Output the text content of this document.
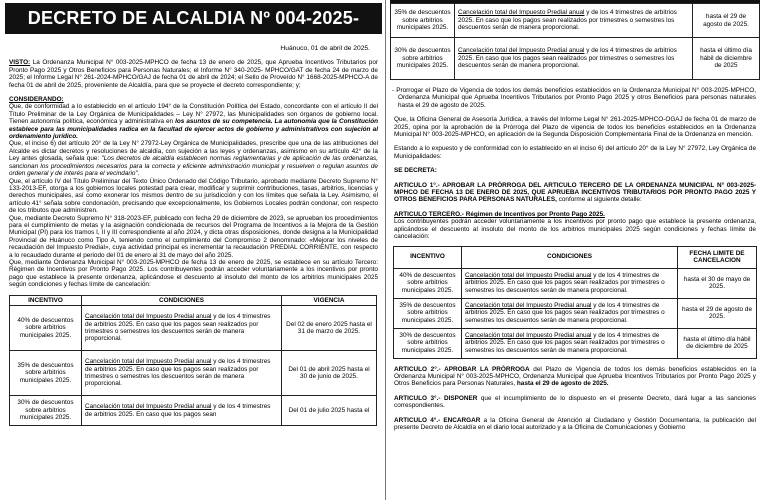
DECRETO DE ALCALDIA Nº 004-2025-MPHCO/A	Huánuco, 01 de abril de 2025.

VISTO: La Ordenanza Municipal N° 003-2025-MPHCO de fecha 13 de enero de 2025, que Aprueba Incentivos Tributarios por Pronto Pago 2025 y Otros Beneficios para Personas Naturales; el Informe N° 340-2025- MPHCO/GAT de fecha 24 de marzo de 2025; el Informe Legal N° 261-2024-MPHCO/GAJ de fecha 01 de abril de 2024; el Sello de Proveído N° 1668-2025-MPHCO-A de fecha 01 de abril de 2025, proveniente de Alcaldía, para que se proyecte el decreto correspondiente; y;

CONSIDERANDO:

Que, de conformidad a lo establecido en el artículo 194° de la Constitución Política del Estado, concordante con el artículo II del Título Preliminar de la Ley Orgánica de Municipalidades – Ley N° 27972, las Municipalidades son órganos de gobierno local. Tienen autonomía política, económica y administrativa en los asuntos de su competencia. La autonomía que la Constitución establece para las municipalidades radica en la facultad de ejercer actos de gobierno y administrativos con sujeción al ordenamiento jurídico.

Que, el inciso 6) del artículo 20° de la Ley N° 27972-Ley Orgánica de Municipalidades, prescribe que una de las atribuciones del Alcalde es dictar decretos y resoluciones de alcaldía, con sujeción a las leyes y ordenanzas, asimismo en su artículo 42° de la Ley antes glosada, señala que: "Los decretos de alcaldía establecen normas reglamentarias y de aplicación de las ordenanzas, sancionan los procedimientos necesarios para la correcta y eficiente administración municipal y resuelven o regulan asuntos de orden general y de interés para el vecindario".

Que, el artículo IV del Título Preliminar del Texto Único Ordenado del Código Tributario, aprobado mediante Decreto Supremo N° 133-2013-EF, otorga a los gobiernos locales potestad para crear, modificar y suprimir contribuciones, tasas, arbitrios, licencias y derechos municipales, así como exonerar los mismos dentro de su jurisdicción y con los límites que señala la Ley. Asimismo, el artículo 41° señala sobre condonación, precisando que excepcionalmente, los Gobiernos Locales podrán condonar, con respecto de los tributos que administren.

Que, mediante Decreto Supremo N° 318-2023-EF, publicado con fecha 29 de diciembre de 2023, se aprueban los procedimientos para el cumplimiento de metas y la asignación condicionada de recursos del Programa de Incentivos a la Mejora de la Gestión Municipal (PI) para los tramos I, II y III correspondiente al año 2024, y dicta otras disposiciones, donde designa a la Municipalidad Provincial de Huánuco como Tipo A, teniendo como el cumplimiento del Compromiso 2 denominado: «Mejorar los niveles de recaudación del Impuesto Predial», cuya actividad principal es incrementar la recaudación PREDIAL CORRIENTE, con respecto a lo recaudado durante el periodo del 01 de enero al 31 de mayo del año 2025.

Que, mediante Ordenanza Municipal N° 003-2025-MPHCO de fecha 13 de enero de 2025, se establece en su artículo Tercero: Régimen de Incentivos por Pronto Pago 2025. Los contribuyentes podrán acceder voluntariamente a los incentivos por pronto pago que establece la presente ordenanza, aplicándose el descuento al insoluto del monto de los arbitrios municipales 2025 según condiciones y fechas límite de cancelación:

INCENTIVO	CONDICIONES	VIGENCIA
40% de descuentos sobre arbitrios municipales 2025.	Cancelación total del Impuesto Predial anual y de los 4 trimestres de arbitrios 2025. En caso que los pagos sean realizados por trimestres o semestres los descuentos serán de manera proporcional.	Del 02 de enero 2025 hasta el 31 de marzo de 2025.
35% de descuentos sobre arbitrios municipales 2025.	Cancelación total del Impuesto Predial anual y de los 4 trimestres de arbitrios 2025. En caso que los pagos sean realizados por trimestres o semestres los descuentos serán de manera proporcional.	Del 01 de abril 2025 hasta el 30 de junio de 2025.
30% de descuentos sobre arbitrios municipales 2025.	Cancelación total del Impuesto Predial anual y de los 4 trimestres de arbitrios 2025. En caso que los pagos sean	Del 01 de julio 2025 hasta el
35% de descuentos sobre arbitrios municipales 2025.	Cancelación total del Impuesto Predial anual y de los 4 trimestres de arbitrios 2025. En caso que los pagos sean realizados por trimestres o semestres los descuentos serán de manera proporcional.	hasta el 29 de agosto de 2025.
30% de descuentos sobre arbitrios municipales 2025.	Cancelación total del Impuesto Predial anual y de los 4 trimestres de arbitrios 2025. En caso que los pagos sean realizados por trimestres o semestres los descuentos serán de manera proporcional.	hasta el último día hábil de diciembre de 2025

- Prorrogar el Plazo de Vigencia de todos los demás beneficios establecidos en la Ordenanza Municipal N° 003-2025-MPHCO, Ordenanza Municipal que Aprueba Incentivos Tributarios por Pronto Pago 2025 y otros Beneficios para personas naturales hasta el 29 de agosto de 2025.

Que, la Oficina General de Asesoría Jurídica, a través del Informe Legal N° 261-2025-MPHCO-OGAJ de fecha 01 de marzo de 2025, opina por la aprobación de la Prórroga del Plazo de vigencia de todos los beneficios establecidos en la Ordenanza Municipal N° 003-2025-MPHCO, en aplicación de la Segunda Disposición Complementaria Final de la Ordenanza en mención.

Estando a lo expuesto y de conformidad con lo establecido en el inciso 6) del artículo 20° de la Ley N° 27972, Ley Orgánica de Municipalidades:

SE DECRETA:

ARTICULO 1°.- APROBAR LA PRÓRROGA DEL ARTICULO TERCERO DE LA ORDENANZA MUNICIPAL N° 003-2025-MPHCO DE FECHA 13 DE ENERO DE 2025, QUE APRUEBA INCENTIVOS TRIBUTARIOS POR PRONTO PAGO 2025 Y OTROS BENEFICIOS PARA PERSONAS NATURALES, conforme al siguiente detalle:

ARTICULO TERCERO.- Régimen de Incentivos por Pronto Pago 2025.

Los contribuyentes podrán acceder voluntariamente a los incentivos por pronto pago que establece la presente ordenanza, aplicándose el descuento al insoluto del monto de los arbitrios municipales 2025 según condiciones y fechas límite de cancelación:

INCENTIVO	CONDICIONES	FECHA LIMITE DE CANCELACION
40% de descuentos sobre arbitrios municipales 2025.	Cancelación total del Impuesto Predial anual y de los 4 trimestres de arbitrios 2025. En caso que los pagos sean realizados por trimestres o semestres los descuentos serán de manera proporcional.	hasta el 30 de mayo de 2025.
35% de descuentos sobre arbitrios municipales 2025.	Cancelación total del Impuesto Predial anual y de los 4 trimestres de arbitrios 2025. En caso que los pagos sean realizados por trimestres o semestres los descuentos serán de manera proporcional.	hasta el 29 de agosto de 2025.
30% de descuentos sobre arbitrios municipales 2025.	Cancelación total del Impuesto Predial anual y de los 4 trimestres de arbitrios 2025. En caso que los pagos sean realizados por trimestres o semestres los descuentos serán de manera proporcional.	hasta el último día hábil de diciembre de 2025

ARTICULO 2°.- APROBAR LA PRÓRROGA del Plazo de Vigencia de todos los demás beneficios establecidos en la Ordenanza Municipal N° 003-2025-MPHCO, Ordenanza Municipal que Aprueba Incentivos Tributarios por Pronto Pago 2025 y Otros Beneficios para Personas Naturales, hasta el 29 de agosto de 2025.

ARTICULO 3°.- DISPONER que el incumplimiento de lo dispuesto en el presente Decreto, dará lugar a las sanciones correspondientes.

ARTICULO 4°.- ENCARGAR a la Oficina General de Atención al Ciudadano y Gestión Documentaria, la publicación del presente Decreto de Alcaldía en el diario local autorizado y a la Oficina de Comunicaciones y Gobierno
